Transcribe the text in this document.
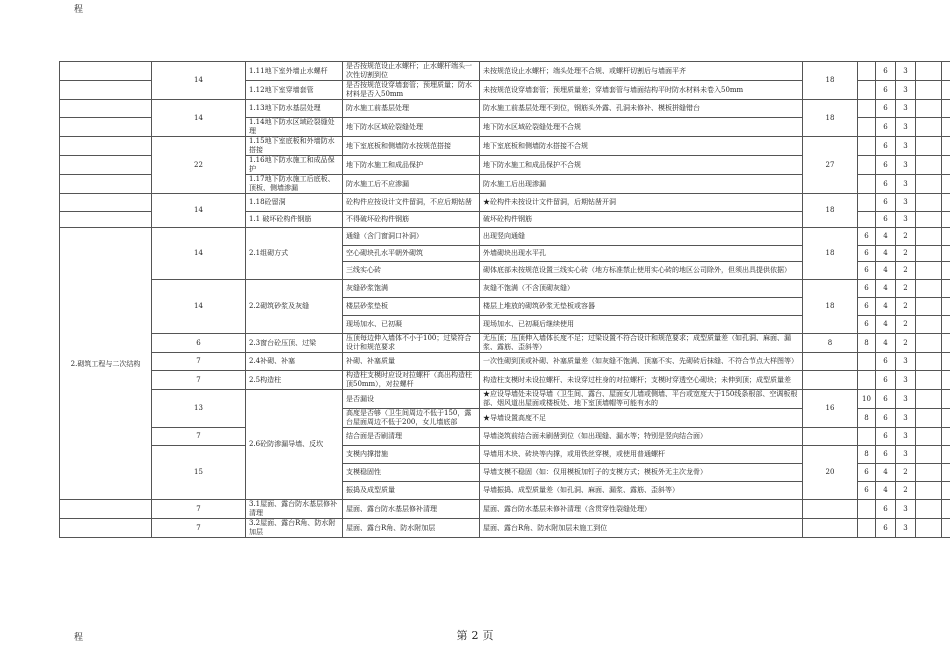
程
	14	1.11地下室外墙止水螺杆	是否按规范设止水螺杆；止水螺杆端头一次性切割到位	未按规范设止水螺杆；端头处理不合规、或螺杆切割后与墙面平齐	18		6	3		
		1.12地下室穿墙套管	是否按规范设穿墙套管；预埋质量；防水材料是否入50mm	未按规范设穿墙套管；预埋质量差；穿墙套管与墙面结构平时防水材料未卷入50mm			6	3		
	14	1.13地下防水基层处理	防水施工前基层处理	防水施工前基层处理不到位，钢筋头外露、孔洞未修补、模板拼缝错台	18		6	3		
		1.14地下防水区域砼裂缝处理	地下防水区域砼裂缝处理	地下防水区域砼裂缝处理不合规			6	3		
	22	1.15地下室底板和外墙防水搭接	地下室底板和侧墙防水按规范搭接	地下室底板和侧墙防水搭接不合规	27		6	3		
		1.16地下防水施工和成品保护	地下防水施工和成品保护	地下防水施工和成品保护不合规			6	3		
		1.17地下防水施工后底板、顶板、侧墙渗漏	防水施工后不应渗漏	防水施工后出现渗漏			6	3		
	14	1.18砼留洞	砼构件应按设计文件留洞，不应后期钻凿	★砼构件未按设计文件留洞，后期钻凿开洞	18		6	3		
		1.1 破坏砼构件钢筋	不得破坏砼构件钢筋	破坏砼构件钢筋			6	3		
2.砌筑工程与二次结构	14	2.1组砌方式	通缝（含门窗洞口补洞）	出现竖向通缝	18	6	4	2		
			空心砌块孔水平朝外砌筑	外墙砌块出现水平孔		6	4	2		
			三线实心砖	砌体底部未按规范设置三线实心砖（地方标准禁止使用实心砖的地区公司除外，但须出具提供依据）		6	4	2		
	14	2.2砌筑砂浆及灰缝	灰缝砂浆饱满	灰缝不饱满（不含顶砌灰缝）	18	6	4	2		
			楼层砂浆垫板	楼层上堆放的砌筑砂浆无垫板或容器		6	4	2		
			现场加水、已初凝	现场加水、已初凝后继续使用		6	4	2		
	6	2.3窗台砼压顶、过梁	压顶每边伸入墙体不小于100；过梁符合设计和规范要求	无压顶；压顶伸入墙体长度不足；过梁设置不符合设计和规范要求；成型质量差（如孔洞、麻面、漏浆、露筋、歪斜等）	8	8	4	2		
	7	2.4补砌、补塞	补砌、补塞质量	一次性砌到顶或补砌、补塞质量差（如灰缝不饱满、顶塞不实、先砌砖后抹缝、不符合节点大样图等）			6	3		
	7	2.5构造柱	构造柱支模时应设对拉螺杆（高出构造柱顶50mm），对拉螺杆	构造柱支模时未设拉螺杆、未设穿过柱身的对拉螺杆；支模时穿透空心砌块；未伸到顶；成型质量差			6	3		
	13	2.6砼防渗漏导墙、反坎	是否漏设	★应设导墙处未设导墙（卫生间、露台、屋面女儿墙或侧墙、平台或宽度大于150线条根部、空调板根部、烟风道出屋面或楼板处、地下室顶墙帽等可能有水的	16	10	6	3		
			高度是否够（卫生间周边不低于150，露台屋面周边不低于200，女儿墙底部	★导墙设置高度不足		8	6	3		
	7		结合面是否刷清理	导墙浇筑前结合面未刷凿到位（如出现缝、漏水等；特别是竖向结合面）			6	3		
	15		支模内撑措施	导墙用木块、砖块等内撑，或用铁丝穿模，或使用普通螺杆	20	8	6	3		
			支模稳固性	导墙支模不稳固（如：仅用模板加钉子的支模方式；模板外无主次龙骨）		6	4	2		
			振捣及成型质量	导墙振捣、成型质量差（如孔洞、麻面、漏浆、露筋、歪斜等）		6	4	2		
	7	3.1屋面、露台防水基层修补清理	屋面、露台防水基层修补清理	屋面、露台防水基层未修补清理（含贯穿性裂缝处理）			6	3		
	7	3.2屋面、露台R角、防水附加层	屋面、露台R角、防水附加层	屋面、露台R角、防水附加层未施工到位			6	3		
程	第 2 页
